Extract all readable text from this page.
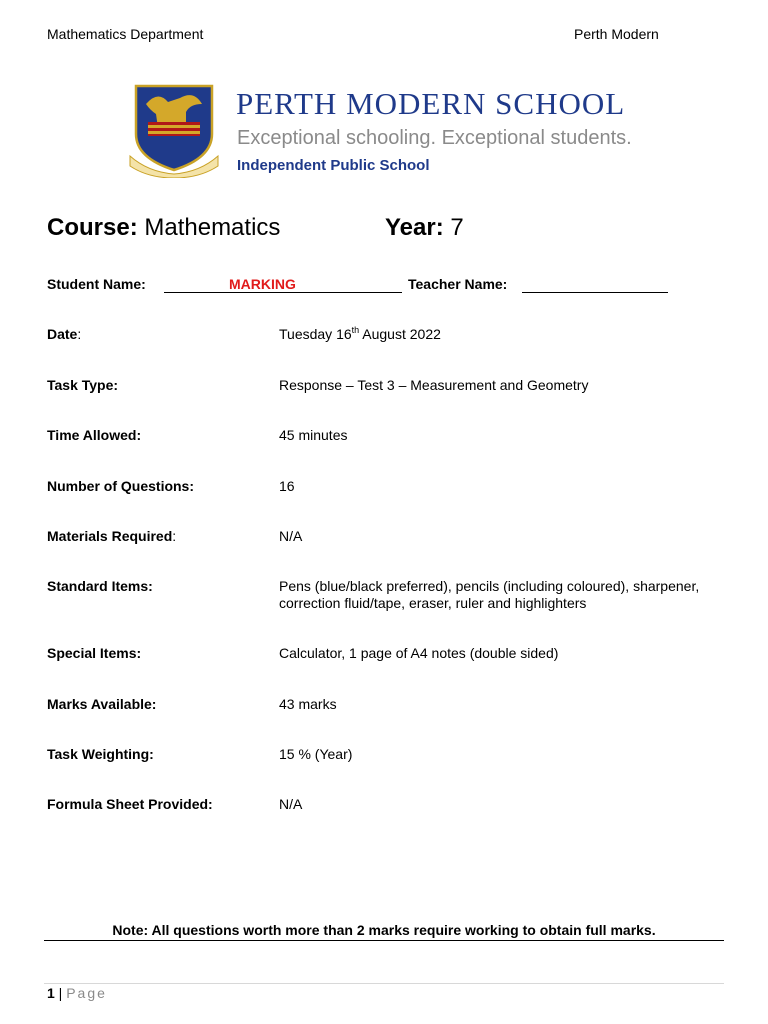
Mathematics Department	Perth Modern
PERTH MODERN SCHOOL
Exceptional schooling. Exceptional students.
Independent Public School
Course: Mathematics	Year: 7
Student Name:	MARKING	Teacher Name:
Date:	Tuesday 16th August 2022
Task Type:	Response – Test 3 – Measurement and Geometry
Time Allowed:	45 minutes
Number of Questions:	16
Materials Required:	N/A
Standard Items:	Pens (blue/black preferred), pencils (including coloured), sharpener, correction fluid/tape, eraser, ruler and highlighters
Special Items:	Calculator, 1 page of A4 notes (double sided)
Marks Available:	43 marks
Task Weighting:	15 % (Year)
Formula Sheet Provided:	N/A
Note: All questions worth more than 2 marks require working to obtain full marks.
1 | Page
